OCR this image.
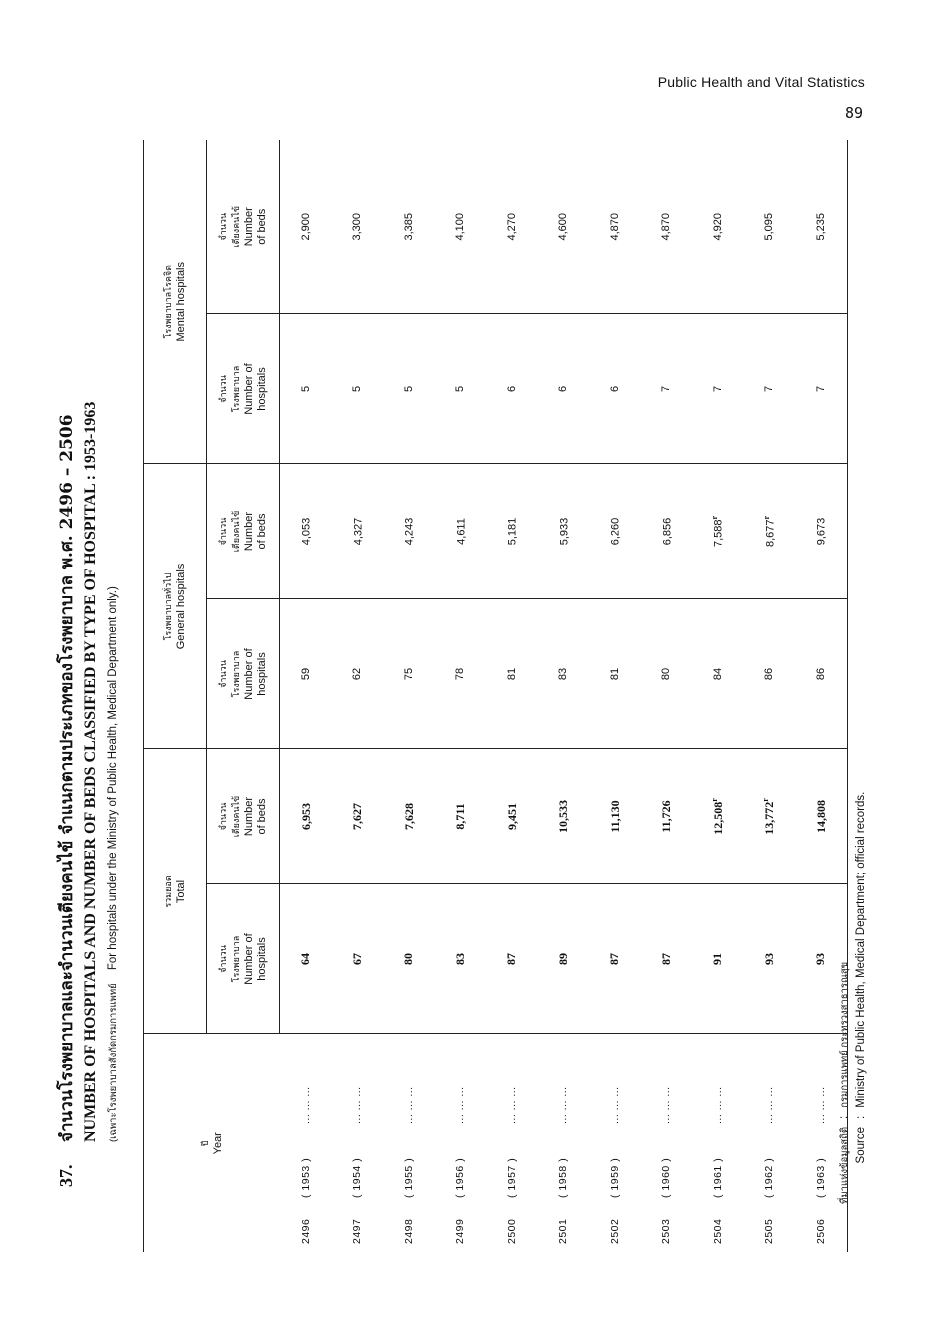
Public Health and Vital Statistics
89
37.
จำนวนโรงพยาบาลและจำนวนเตียงคนไข้ จำแนกตามประเภทของโรงพยาบาล พ.ศ. 2496 – 2506 NUMBER OF HOSPITALS AND NUMBER OF BEDS CLASSIFIED BY TYPE OF HOSPITAL : 1953-1963 (เฉพาะโรงพยาบาลสังกัดกรมการแพทย์ For hospitals under the Ministry of Public Health, Medical Department only.)
ปี Year	รวมยอด Total		โรงพยาบาลทั่วไป General hospitals		โรงพยาบาลโรคจิต Mental hospitals	

	จำนวน โรงพยาบาล Number of hospitals	จำนวน เตียงคนไข้ Number of beds	จำนวน โรงพยาบาล Number of hospitals	จำนวน เตียงคนไข้ Number of beds	จำนวน โรงพยาบาล Number of hospitals	จำนวน เตียงคนไข้ Number of beds

2496( 1953 )... ... ...	64	6,953	59	4,053	5	2,900
2497( 1954 )... ... ...	67	7,627	62	4,327	5	3,300
2498( 1955 )... ... ...	80	7,628	75	4,243	5	3,385
2499( 1956 )... ... ...	83	8,711	78	4,611	5	4,100
2500( 1957 )... ... ...	87	9,451	81	5,181	6	4,270
2501( 1958 )... ... ...	89	10,533	83	5,933	6	4,600
2502( 1959 )... ... ...	87	11,130	81	6,260	6	4,870
2503( 1960 )... ... ...	87	11,726	80	6,856	7	4,870
2504( 1961 )... ... ...	91	12,508$^r$	84	7,588$^r$	7	4,920
2505( 1962 )... ... ...	93	13,772$^r$	86	8,677$^r$	7	5,095
2506( 1963 )... ... ...	93	14,808	86	9,673	7	5,235
ที่มาแห่งข้อมูลสถิติ:กรมการแพทย์ กระทรวงสาธารณสุข
Source:Ministry of Public Health, Medical Department; official records.
